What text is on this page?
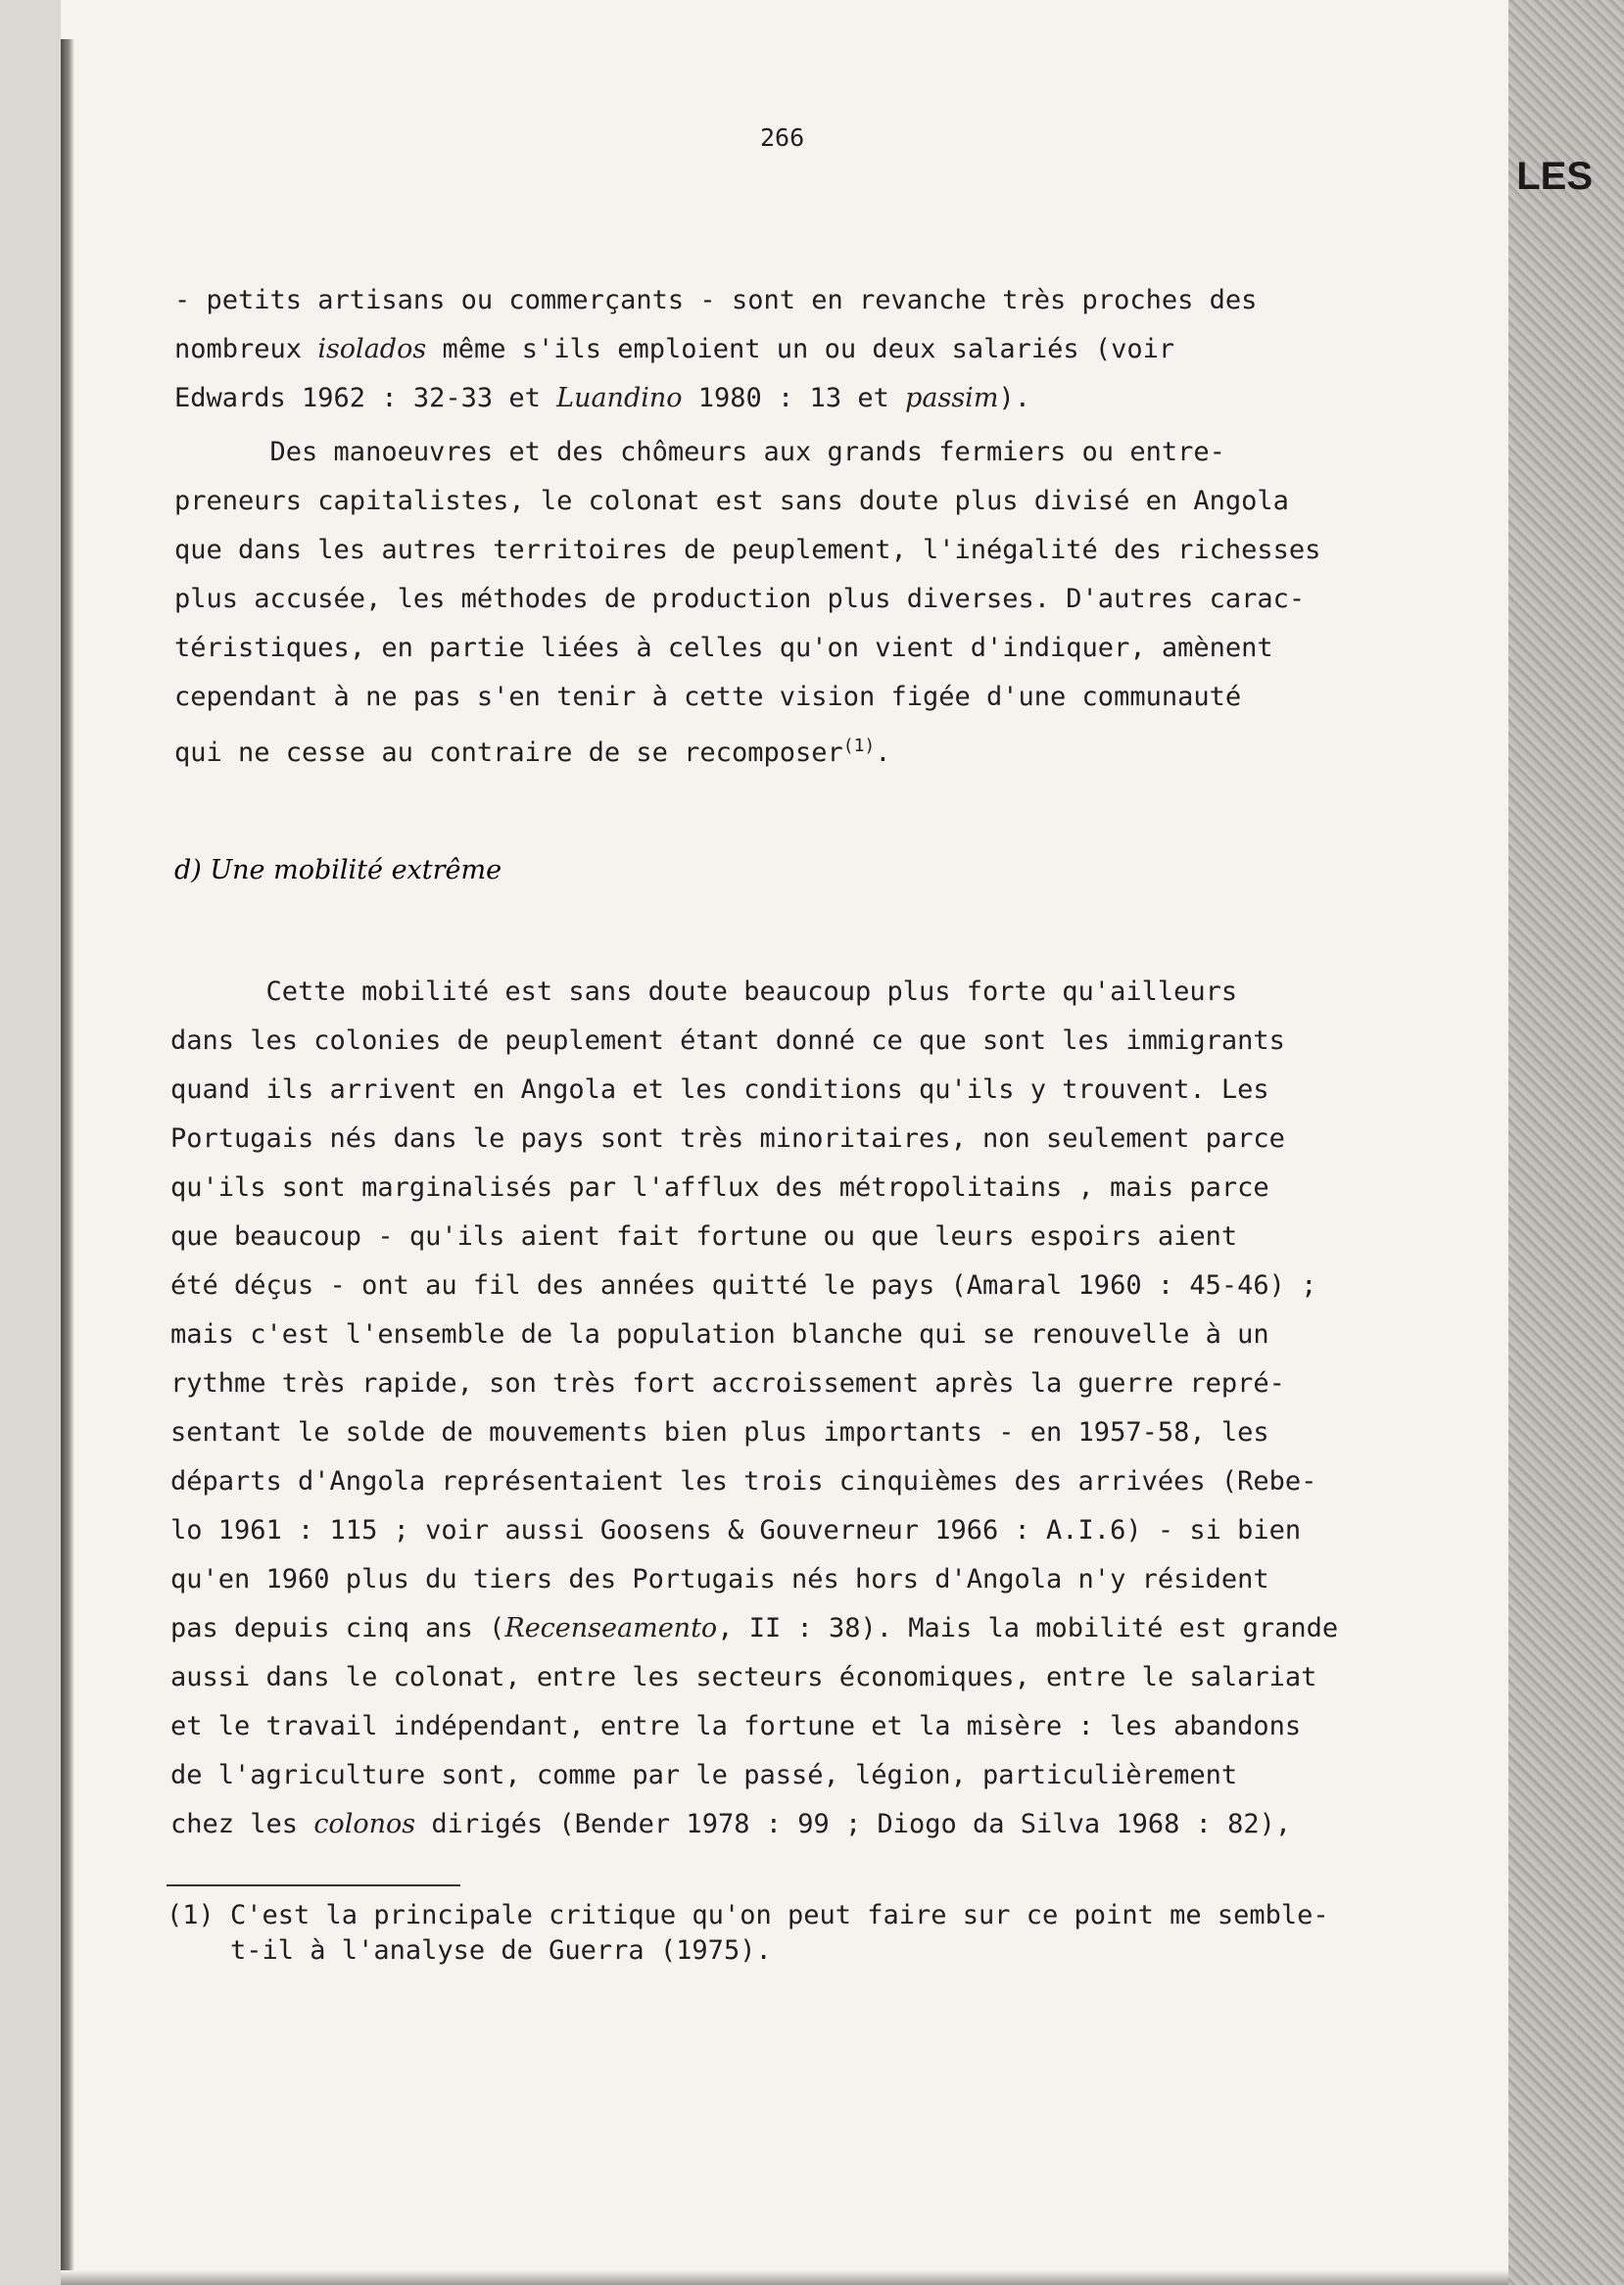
LES
266
- petits artisans ou commerçants - sont en revanche très proches des
nombreux isolados même s'ils emploient un ou deux salariés (voir
Edwards 1962 : 32-33 et Luandino 1980 : 13 et passim).
Des manoeuvres et des chômeurs aux grands fermiers ou entre-
preneurs capitalistes, le colonat est sans doute plus divisé en Angola
que dans les autres territoires de peuplement, l'inégalité des richesses
plus accusée, les méthodes de production plus diverses. D'autres carac-
téristiques, en partie liées à celles qu'on vient d'indiquer, amènent
cependant à ne pas s'en tenir à cette vision figée d'une communauté
qui ne cesse au contraire de se recomposer$^{(1)}$.
d) Une mobilité extrême
Cette mobilité est sans doute beaucoup plus forte qu'ailleurs
dans les colonies de peuplement étant donné ce que sont les immigrants
quand ils arrivent en Angola et les conditions qu'ils y trouvent. Les
Portugais nés dans le pays sont très minoritaires, non seulement parce
qu'ils sont marginalisés par l'afflux des métropolitains , mais parce
que beaucoup - qu'ils aient fait fortune ou que leurs espoirs aient
été déçus - ont au fil des années quitté le pays (Amaral 1960 : 45-46) ;
mais c'est l'ensemble de la population blanche qui se renouvelle à un
rythme très rapide, son très fort accroissement après la guerre repré-
sentant le solde de mouvements bien plus importants - en 1957-58, les
départs d'Angola représentaient les trois cinquièmes des arrivées (Rebe-
lo 1961 : 115 ; voir aussi Goosens & Gouverneur 1966 : A.I.6) - si bien
qu'en 1960 plus du tiers des Portugais nés hors d'Angola n'y résident
pas depuis cinq ans (Recenseamento, II : 38). Mais la mobilité est grande
aussi dans le colonat, entre les secteurs économiques, entre le salariat
et le travail indépendant, entre la fortune et la misère : les abandons
de l'agriculture sont, comme par le passé, légion, particulièrement
chez les colonos dirigés (Bender 1978 : 99 ; Diogo da Silva 1968 : 82),
(1) C'est la principale critique qu'on peut faire sur ce point me semble-
t-il à l'analyse de Guerra (1975).
